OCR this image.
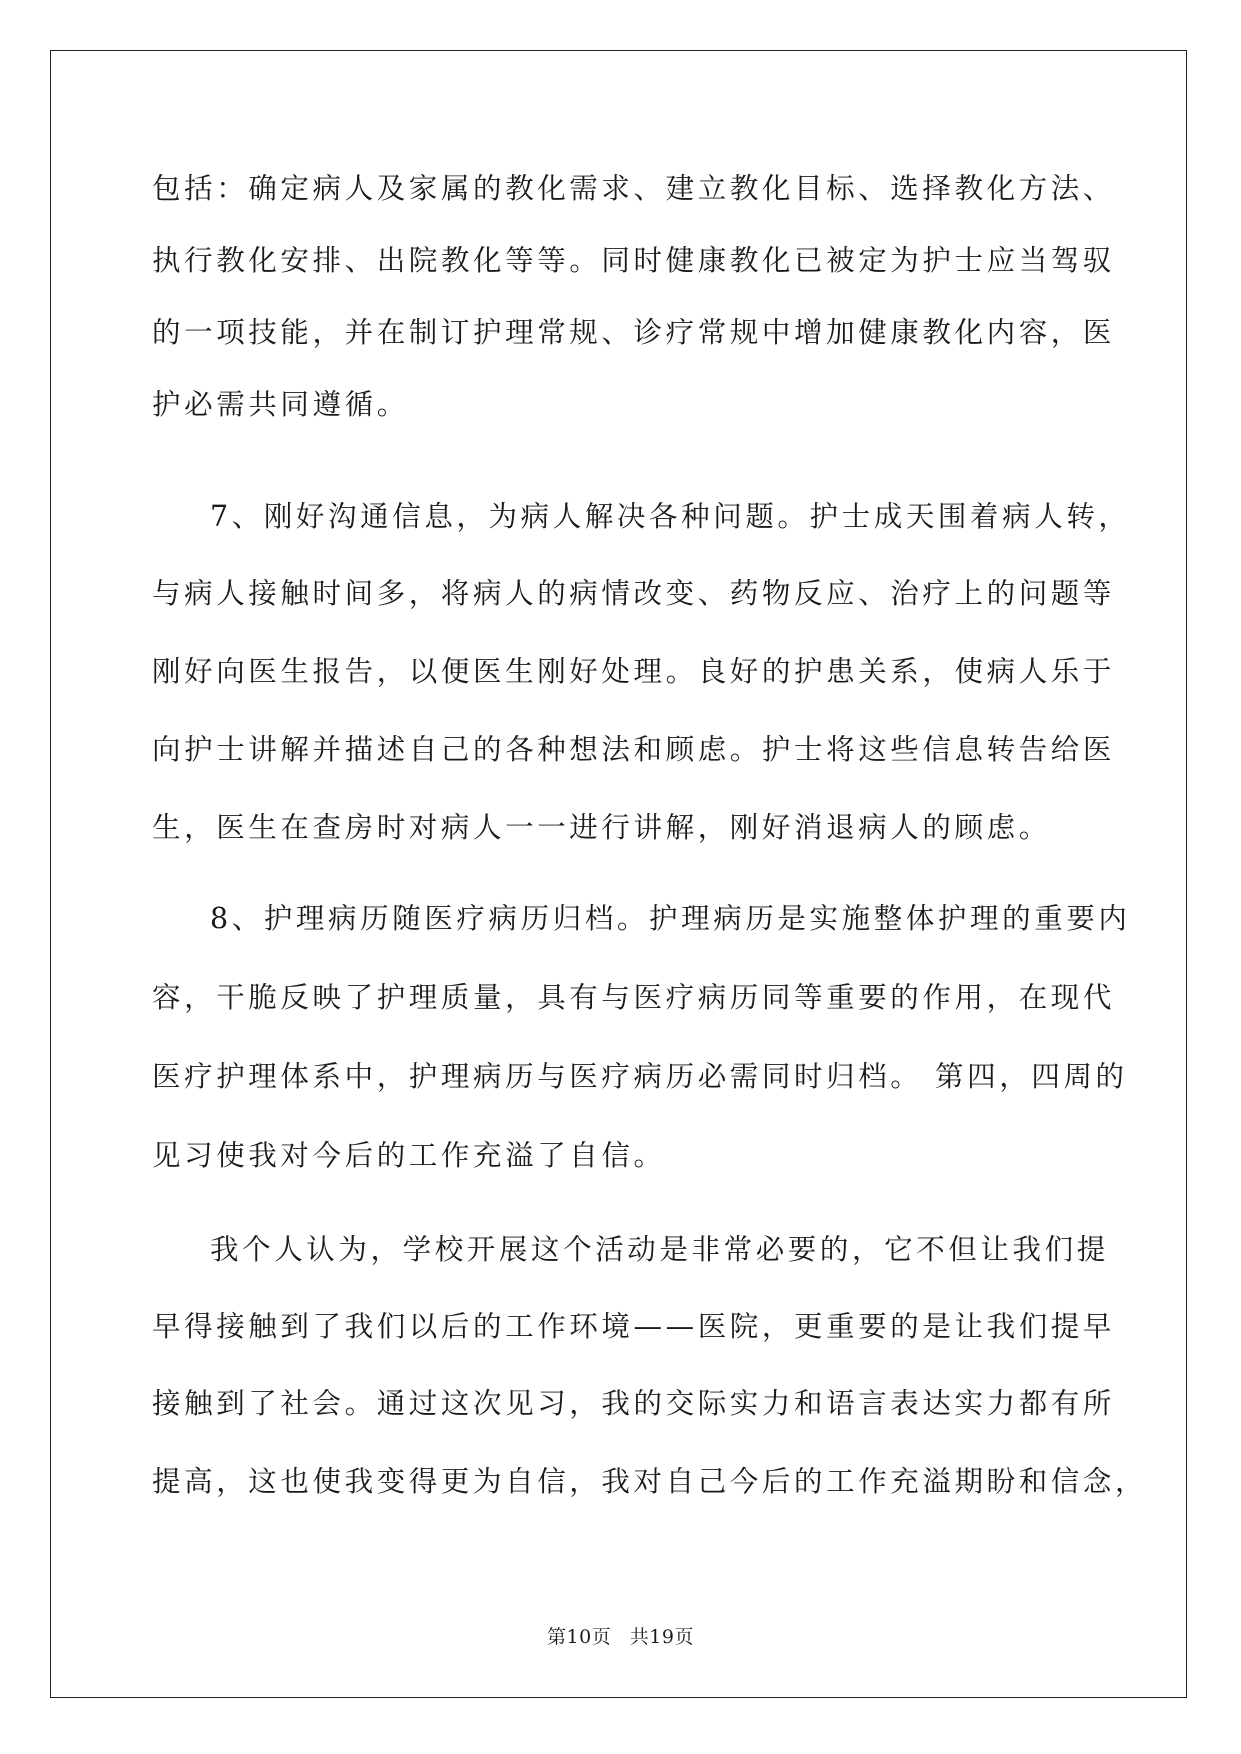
包括：确定病人及家属的教化需求、建立教化目标、选择教化方法、
执行教化安排、出院教化等等。同时健康教化已被定为护士应当驾驭
的一项技能，并在制订护理常规、诊疗常规中增加健康教化内容，医
护必需共同遵循。
7、刚好沟通信息，为病人解决各种问题。护士成天围着病人转，
与病人接触时间多，将病人的病情改变、药物反应、治疗上的问题等
刚好向医生报告，以便医生刚好处理。良好的护患关系，使病人乐于
向护士讲解并描述自己的各种想法和顾虑。护士将这些信息转告给医
生，医生在查房时对病人一一进行讲解，刚好消退病人的顾虑。
8、护理病历随医疗病历归档。护理病历是实施整体护理的重要内
容，干脆反映了护理质量，具有与医疗病历同等重要的作用，在现代
医疗护理体系中，护理病历与医疗病历必需同时归档。 第四，四周的
见习使我对今后的工作充溢了自信。
我个人认为，学校开展这个活动是非常必要的，它不但让我们提
早得接触到了我们以后的工作环境——医院，更重要的是让我们提早
接触到了社会。通过这次见习，我的交际实力和语言表达实力都有所
提高，这也使我变得更为自信，我对自己今后的工作充溢期盼和信念，
第10页 共19页
